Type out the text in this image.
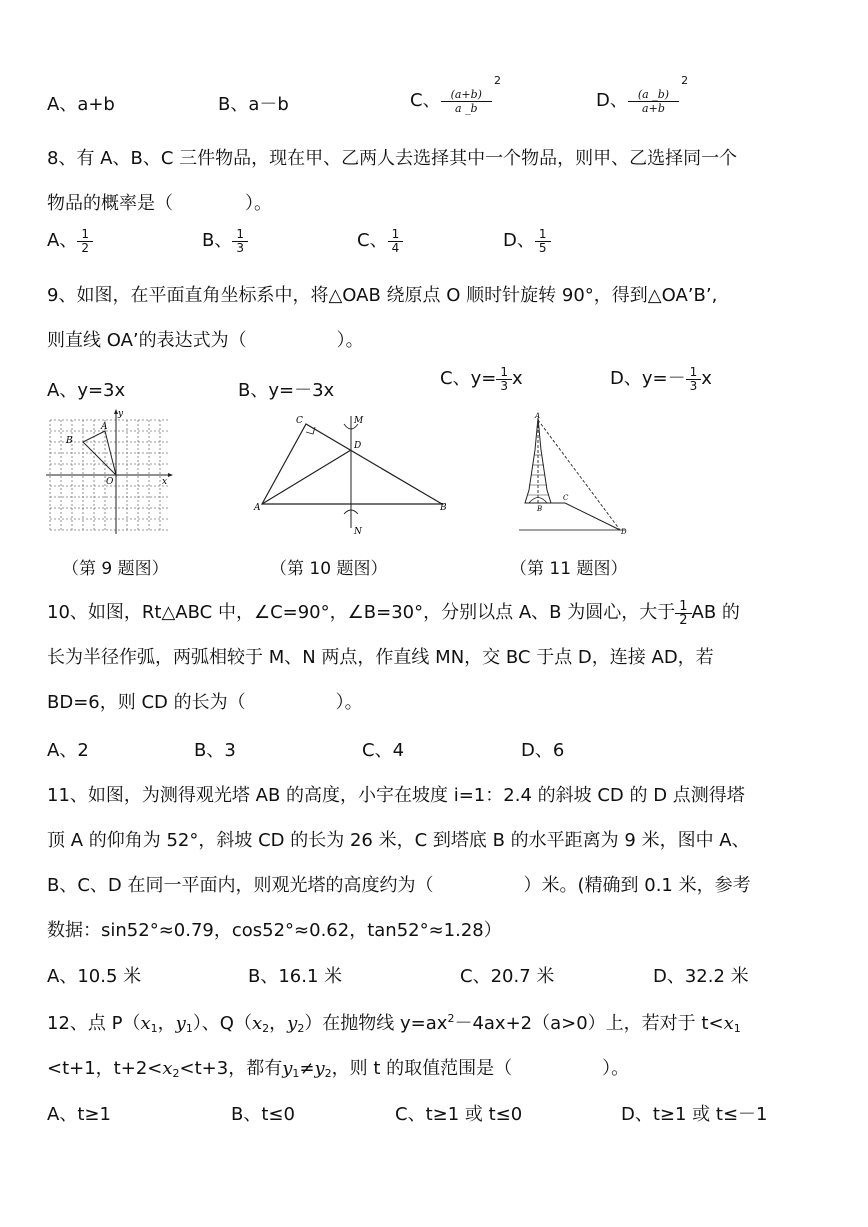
A、a+b	B、a－b	C、 $\frac{(a+b)}{a \_b}$
$^2$
D、 $\frac{(a \_b)}{a+b}$
$^2$
8、有 A、B、C 三件物品，现在甲、乙两人去选择其中一个物品，则甲、乙选择同一个
物品的概率是（　　　　）。
A、 $\frac{1}{2}$	B、 $\frac{1}{3}$	C、 $\frac{1}{4}$	D、 $\frac{1}{5}$
9、如图，在平面直角坐标系中，将△OAB 绕原点 O 顺时针旋转 90°，得到△OA’B’,
则直线 OA’的表达式为（　　　　　）。
A、y=3x	B、y=－3x
C、$y= \frac{1}{3}$ x	D、$y=- \frac{1}{3}$ x
y
x
A
B
O
C	M
D
A	B
N
A
B
C
D
（第 9 题图）	（第 10 题图）	（第 11 题图）
10、如图，Rt△ABC 中，∠C=90°，∠B=30°，分别以点 A、B 为圆心，大于 $\frac{1}{2}$ AB 的
长为半径作弧，两弧相较于 M、N 两点，作直线 MN，交 BC 于点 D，连接 AD，若
BD=6，则 CD 的长为（　　　　　）。
A、2	B、3	C、4	D、6
11、如图，为测得观光塔 AB 的高度，小宇在坡度 i=1：2.4 的斜坡 CD 的 D 点测得塔
顶 A 的仰角为 52°，斜坡 CD 的长为 26 米，C 到塔底 B 的水平距离为 9 米，图中 A、
B、C、D 在同一平面内，则观光塔的高度约为（　　　　　）米。(精确到 0.1 米，参考
数据：sin52°≈0.79，cos52°≈0.62，tan52°≈1.28）
A、10.5 米	B、16.1 米	C、20.7 米	D、32.2 米
12、点 $P(x_1$，$y_1$）、$Q(x_2$，$y_2$）在抛物线 $y=ax^2-4ax+2(a>0)$上，若对于 $t<x_1$
<t+1，$t+2<x_2<t+3$，都有$y_1\ne y_2$，则 t 的取值范围是（　　　　　）。
A、t≥1	B、t≤0	C、t≥1 或 t≤0	D、t≥1 或 t≤－1
